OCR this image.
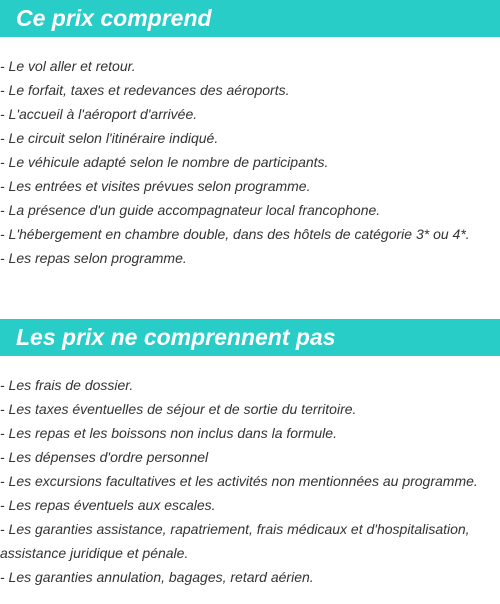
Ce prix comprend
- Le vol aller et retour.
- Le forfait, taxes et redevances des aéroports.
- L'accueil à l'aéroport d'arrivée.
- Le circuit selon l'itinéraire indiqué.
- Le véhicule adapté selon le nombre de participants.
- Les entrées et visites prévues selon programme.
- La présence d'un guide accompagnateur local francophone.
- L'hébergement en chambre double, dans des hôtels de catégorie 3* ou 4*.
- Les repas selon programme.
Les prix ne comprennent pas
- Les frais de dossier.
- Les taxes éventuelles de séjour et de sortie du territoire.
- Les repas et les boissons non inclus dans la formule.
- Les dépenses d'ordre personnel
- Les excursions facultatives et les activités non mentionnées au programme.
- Les repas éventuels aux escales.
- Les garanties assistance, rapatriement, frais médicaux et d'hospitalisation, assistance juridique et pénale.
- Les garanties annulation, bagages, retard aérien.
